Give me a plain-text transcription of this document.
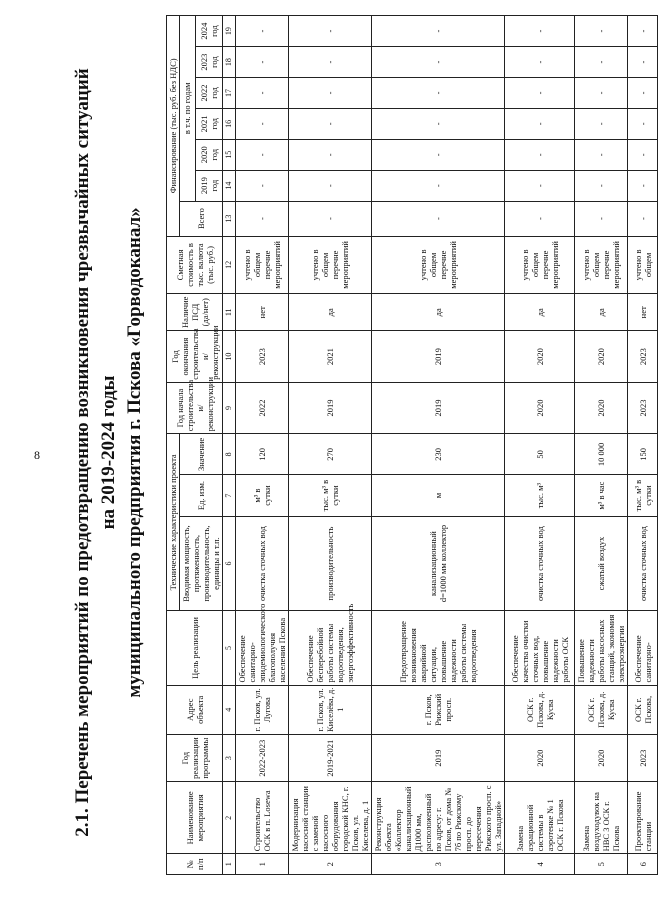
8 2.1. Перечень мероприятий по предотвращению возникновения чрезвычайных ситуаций на 2019-2024 годы муниципального предприятия г. Пскова «Горводоканал»
№ п/п	Наименование мероприятия	Год реализации программы	Адрес объекта	Цель реализации	Технические характеристики проекта			Год начала строительства и/реконструкции	Год окончания строительства и/реконструкции	Наличие ПСД (да/нет)	Сметная стоимость в тыс. валюта (тыс. руб.)	Финансирование (тыс. руб. без НДС)						
					Вводимая мощность, протяженность, производительность, единицы и т.п.	Ед. изм.	Значение					Всего	в т.ч. по годам					
													2019 год	2020 год	2021 год	2022 год	2023 год	2024 год
1	2	3	4	5	6	7	8	9	10	11	12	13	14	15	16	17	18	19
1	Строительство ОСК в п. Losewa	2022-2023	г. Псков, ул. Лугова	Обеспечение санитарно-эпидемиологического благополучия населения Пскова	очистка сточных вод	м³ в сутки	120	2022	2023	нет	учтено в общем перечне мероприятий	-	-	-	-	-	-	-
2	Модернизация насосной станции с заменой насосного оборудования городской КНС, г. Псков, ул. Киселева, д. 1	2019-2021	г. Псков, ул. Киселёва, д. 1	Обеспечение бесперебойной работы системы водоотведения, энергоэффективность	производительность	тыс. м³ в сутки	270	2019	2021	да	учтено в общем перечне мероприятий	-	-	-	-	-	-	-
3	Реконструкция объекта «Коллектор канализационный Д1000 мм, расположенный по адресу: г. Псков, от дома № 7б по Рижскому просп. до пересечения Рижского просп. с ул. Западной»	2019	г. Псков, Рижский просп.	Предотвращение возникновения аварийной ситуации, повышение надежности работы системы водоотведения	канализационный d=1000 мм коллектор	м	230	2019	2019	да	учтено в общем перечне мероприятий	-	-	-	-	-	-	-
4	Замена аэрационной системы в аэротенке № 1 ОСК г. Пскова	2020	ОСК г. Пскова, д. Кусва	Обеспечение качества очистки сточных вод, повышение надежности работы ОСК	очистка сточных вод	тыс. м³	50	2020	2020	да	учтено в общем перечне мероприятий	-	-	-	-	-	-	-
5	Замена воздуходувок на НВС 3 ОСК г. Пскова	2020	ОСК г. Пскова, д. Кусва	Повышение надежности работы насосных станций, экономия электроэнергии	сжатый воздух	м³ в час	10 000	2020	2020	да	учтено в общем перечне мероприятий	-	-	-	-	-	-	-
6	Проектирование станции	2023	ОСК г. Пскова,	Обеспечение санитарно-	очистка сточных вод	тыс. м³ в сутки	150	2023	2023	нет	учтено в общем	-	-	-	-	-	-	-
